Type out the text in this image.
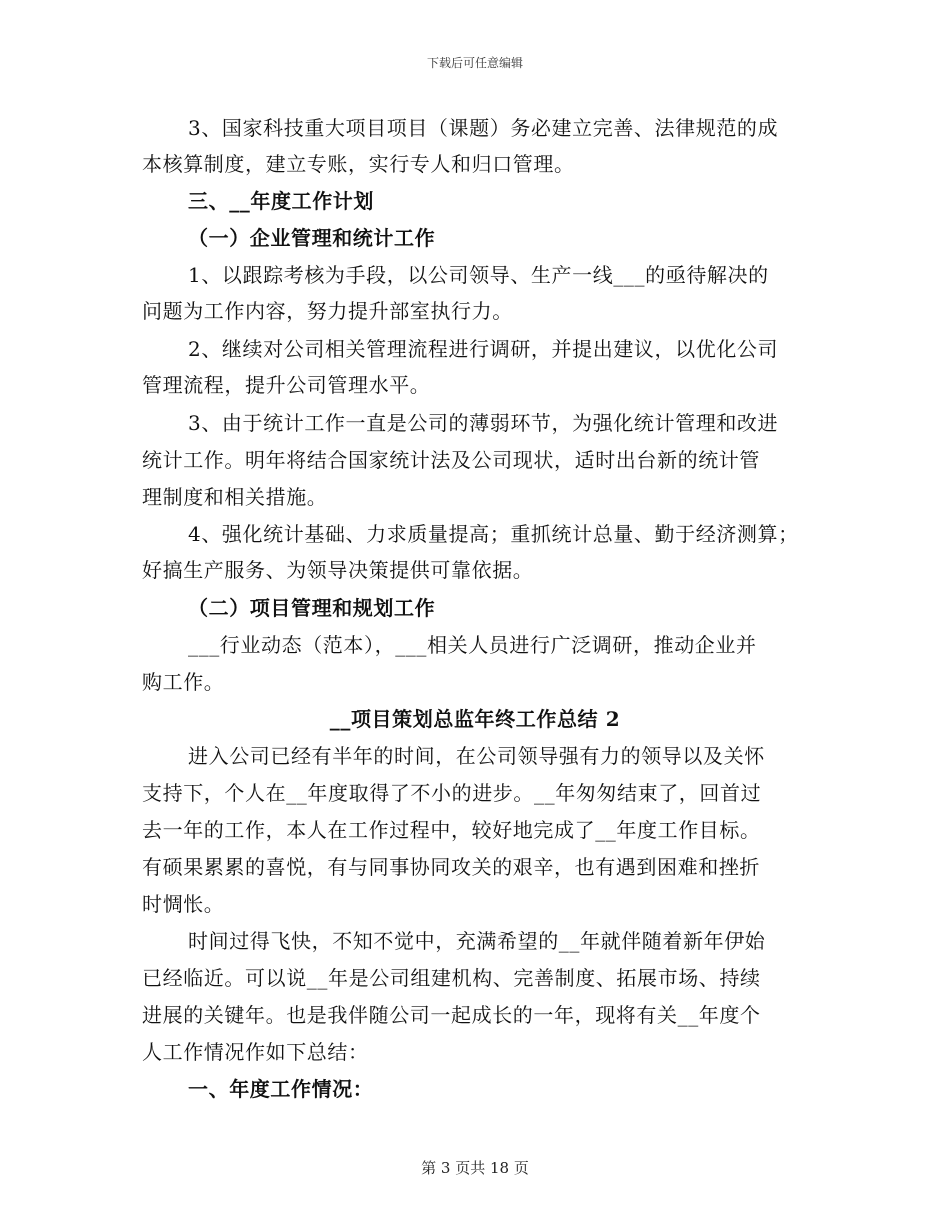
下载后可任意编辑
3、国家科技重大项目项目（课题）务必建立完善、法律规范的成
本核算制度，建立专账，实行专人和归口管理。
三、__年度工作计划
（一）企业管理和统计工作
1、以跟踪考核为手段，以公司领导、生产一线___的亟待解决的
问题为工作内容，努力提升部室执行力。
2、继续对公司相关管理流程进行调研，并提出建议，以优化公司
管理流程，提升公司管理水平。
3、由于统计工作一直是公司的薄弱环节，为强化统计管理和改进
统计工作。明年将结合国家统计法及公司现状，适时出台新的统计管
理制度和相关措施。
4、强化统计基础、力求质量提高；重抓统计总量、勤于经济测算；
好搞生产服务、为领导决策提供可靠依据。
（二）项目管理和规划工作
___行业动态（范本），___相关人员进行广泛调研，推动企业并
购工作。
__项目策划总监年终工作总结 2
进入公司已经有半年的时间，在公司领导强有力的领导以及关怀
支持下，个人在__年度取得了不小的进步。__年匆匆结束了，回首过
去一年的工作，本人在工作过程中，较好地完成了__年度工作目标。
有硕果累累的喜悦，有与同事协同攻关的艰辛，也有遇到困难和挫折
时惆怅。
时间过得飞快，不知不觉中，充满希望的__年就伴随着新年伊始
已经临近。可以说__年是公司组建机构、完善制度、拓展市场、持续
进展的关键年。也是我伴随公司一起成长的一年，现将有关__年度个
人工作情况作如下总结：
一、年度工作情况：
第 3 页共 18 页
